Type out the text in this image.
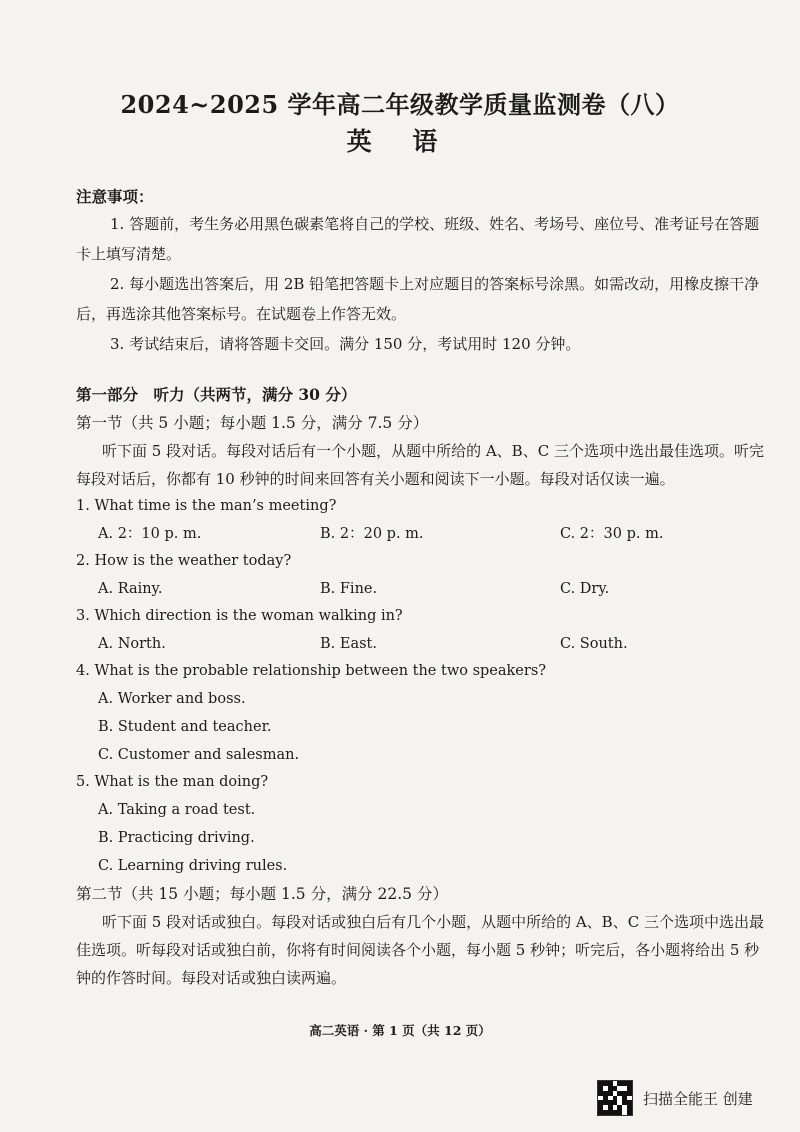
2024~2025 学年高二年级教学质量监测卷（八）
英 语
注意事项：

1. 答题前，考生务必用黑色碳素笔将自己的学校、班级、姓名、考场号、座位号、准考证号在答题卡上填写清楚。

2. 每小题选出答案后，用 2B 铅笔把答题卡上对应题目的答案标号涂黑。如需改动，用橡皮擦干净后，再选涂其他答案标号。在试题卷上作答无效。

3. 考试结束后，请将答题卡交回。满分 150 分，考试用时 120 分钟。

第一部分　听力（共两节，满分 30 分）

第一节（共 5 小题；每小题 1.5 分，满分 7.5 分）

听下面 5 段对话。每段对话后有一个小题，从题中所给的 A、B、C 三个选项中选出最佳选项。听完每段对话后，你都有 10 秒钟的时间来回答有关小题和阅读下一小题。每段对话仅读一遍。

1. What time is the man’s meeting?

A. 2：10 p. m.	B. 2：20 p. m.	C. 2：30 p. m.

2. How is the weather today?

A. Rainy.	B. Fine.	C. Dry.

3. Which direction is the woman walking in?

A. North.	B. East.	C. South.

4. What is the probable relationship between the two speakers?

A. Worker and boss.

B. Student and teacher.

C. Customer and salesman.

5. What is the man doing?

A. Taking a road test.

B. Practicing driving.

C. Learning driving rules.

第二节（共 15 小题；每小题 1.5 分，满分 22.5 分）

听下面 5 段对话或独白。每段对话或独白后有几个小题，从题中所给的 A、B、C 三个选项中选出最佳选项。听每段对话或独白前，你将有时间阅读各个小题，每小题 5 秒钟；听完后，各小题将给出 5 秒钟的作答时间。每段对话或独白读两遍。

高二英语 · 第 1 页（共 12 页）
扫描全能王 创建
